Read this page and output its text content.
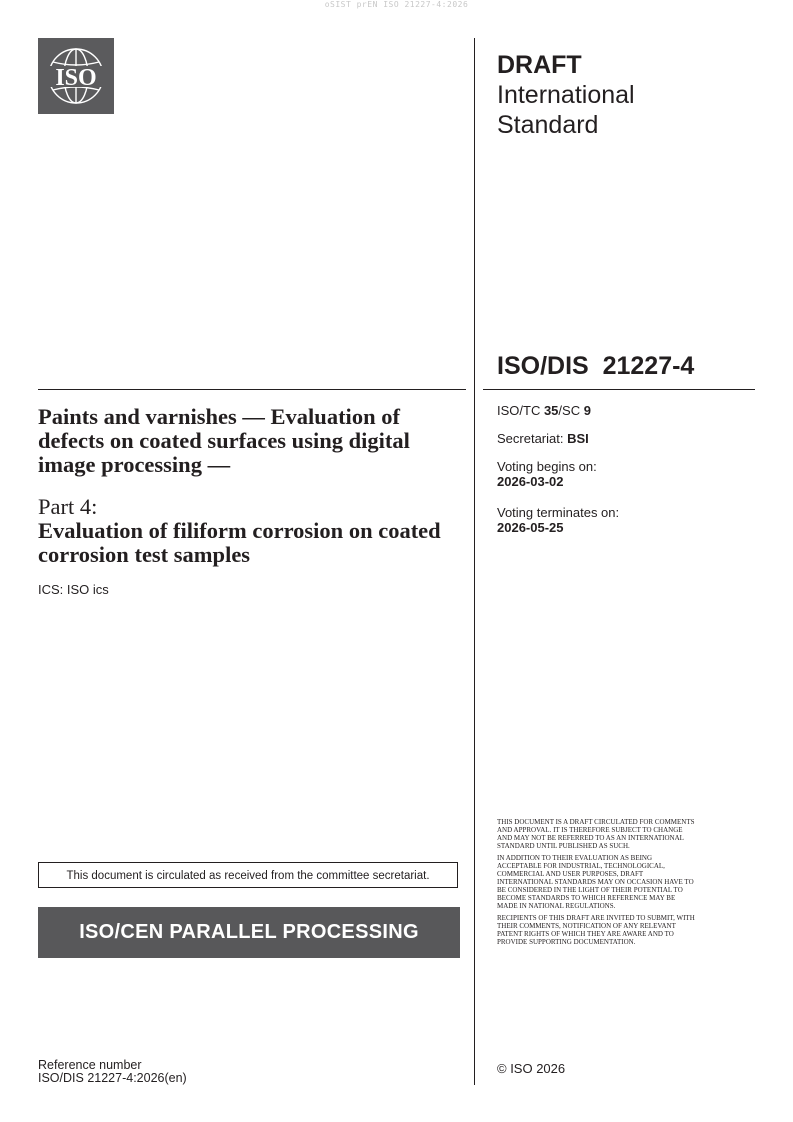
oSIST prEN ISO 21227-4:2026
ISO	DRAFT
International
Standard
ISO/DIS  21227-4
ISO/TC 35/SC 9
Secretariat: BSI
Voting begins on:
2026-03-02
Voting terminates on:
2026-05-25
Paints and varnishes — Evaluation of defects on coated surfaces using digital image processing —
Part 4:
Evaluation of filiform corrosion on coated corrosion test samples
ICS: ISO ics
This document is circulated as received from the committee secretariat.
ISO/CEN PARALLEL PROCESSING
Reference number
ISO/DIS 21227-4:2026(en)

THIS DOCUMENT IS A DRAFT CIRCULATED FOR COMMENTS AND APPROVAL. IT IS THEREFORE SUBJECT TO CHANGE AND MAY NOT BE REFERRED TO AS AN INTERNATIONAL STANDARD UNTIL PUBLISHED AS SUCH.

IN ADDITION TO THEIR EVALUATION AS BEING ACCEPTABLE FOR INDUSTRIAL, TECHNOLOGICAL, COMMERCIAL AND USER PURPOSES, DRAFT INTERNATIONAL STANDARDS MAY ON OCCASION HAVE TO BE CONSIDERED IN THE LIGHT OF THEIR POTENTIAL TO BECOME STANDARDS TO WHICH REFERENCE MAY BE MADE IN NATIONAL REGULATIONS.

RECIPIENTS OF THIS DRAFT ARE INVITED TO SUBMIT, WITH THEIR COMMENTS, NOTIFICATION OF ANY RELEVANT PATENT RIGHTS OF WHICH THEY ARE AWARE AND TO PROVIDE SUPPORTING DOCUMENTATION.

© ISO 2026
